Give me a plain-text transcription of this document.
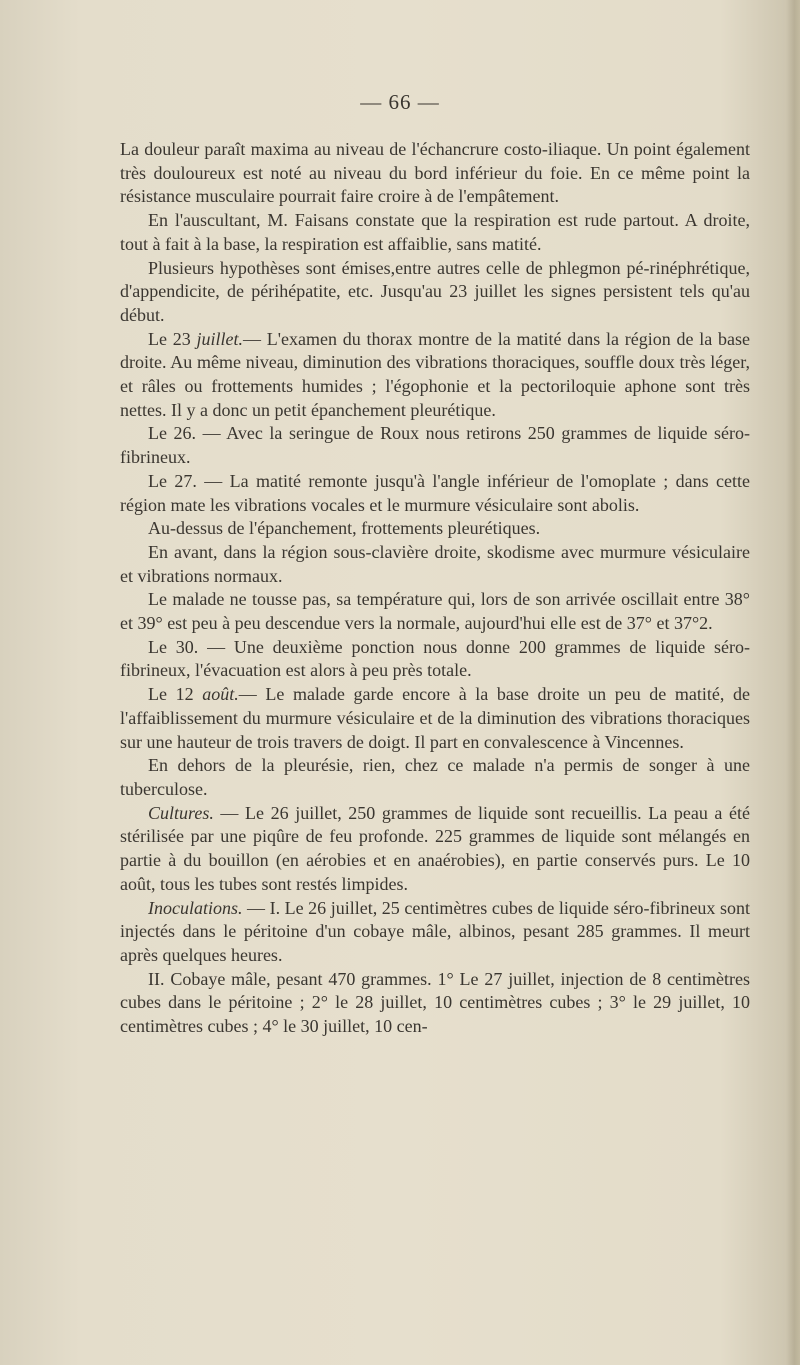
— 66 —

La douleur paraît maxima au niveau de l'échancrure costo-iliaque. Un point également très douloureux est noté au niveau du bord inférieur du foie. En ce même point la résistance musculaire pourrait faire croire à de l'empâtement.

En l'auscultant, M. Faisans constate que la respiration est rude partout. A droite, tout à fait à la base, la respiration est affaiblie, sans matité.

Plusieurs hypothèses sont émises,entre autres celle de phlegmon pé-rinéphrétique, d'appendicite, de périhépatite, etc. Jusqu'au 23 juillet les signes persistent tels qu'au début.

Le 23 juillet.— L'examen du thorax montre de la matité dans la région de la base droite. Au même niveau, diminution des vibrations thoraciques, souffle doux très léger, et râles ou frottements humides ; l'égophonie et la pectoriloquie aphone sont très nettes. Il y a donc un petit épanchement pleurétique.

Le 26. — Avec la seringue de Roux nous retirons 250 grammes de liquide séro-fibrineux.

Le 27. — La matité remonte jusqu'à l'angle inférieur de l'omoplate ; dans cette région mate les vibrations vocales et le murmure vésiculaire sont abolis.

Au-dessus de l'épanchement, frottements pleurétiques.

En avant, dans la région sous-clavière droite, skodisme avec murmure vésiculaire et vibrations normaux.

Le malade ne tousse pas, sa température qui, lors de son arrivée oscillait entre 38° et 39° est peu à peu descendue vers la normale, aujourd'hui elle est de 37° et 37°2.

Le 30. — Une deuxième ponction nous donne 200 grammes de liquide séro-fibrineux, l'évacuation est alors à peu près totale.

Le 12 août.— Le malade garde encore à la base droite un peu de matité, de l'affaiblissement du murmure vésiculaire et de la diminution des vibrations thoraciques sur une hauteur de trois travers de doigt. Il part en convalescence à Vincennes.

En dehors de la pleurésie, rien, chez ce malade n'a permis de songer à une tuberculose.

Cultures. — Le 26 juillet, 250 grammes de liquide sont recueillis. La peau a été stérilisée par une piqûre de feu profonde. 225 grammes de liquide sont mélangés en partie à du bouillon (en aérobies et en anaérobies), en partie conservés purs. Le 10 août, tous les tubes sont restés limpides.

Inoculations. — I. Le 26 juillet, 25 centimètres cubes de liquide séro-fibrineux sont injectés dans le péritoine d'un cobaye mâle, albinos, pesant 285 grammes. Il meurt après quelques heures.

II. Cobaye mâle, pesant 470 grammes. 1° Le 27 juillet, injection de 8 centimètres cubes dans le péritoine ; 2° le 28 juillet, 10 centimètres cubes ; 3° le 29 juillet, 10 centimètres cubes ; 4° le 30 juillet, 10 cen-
